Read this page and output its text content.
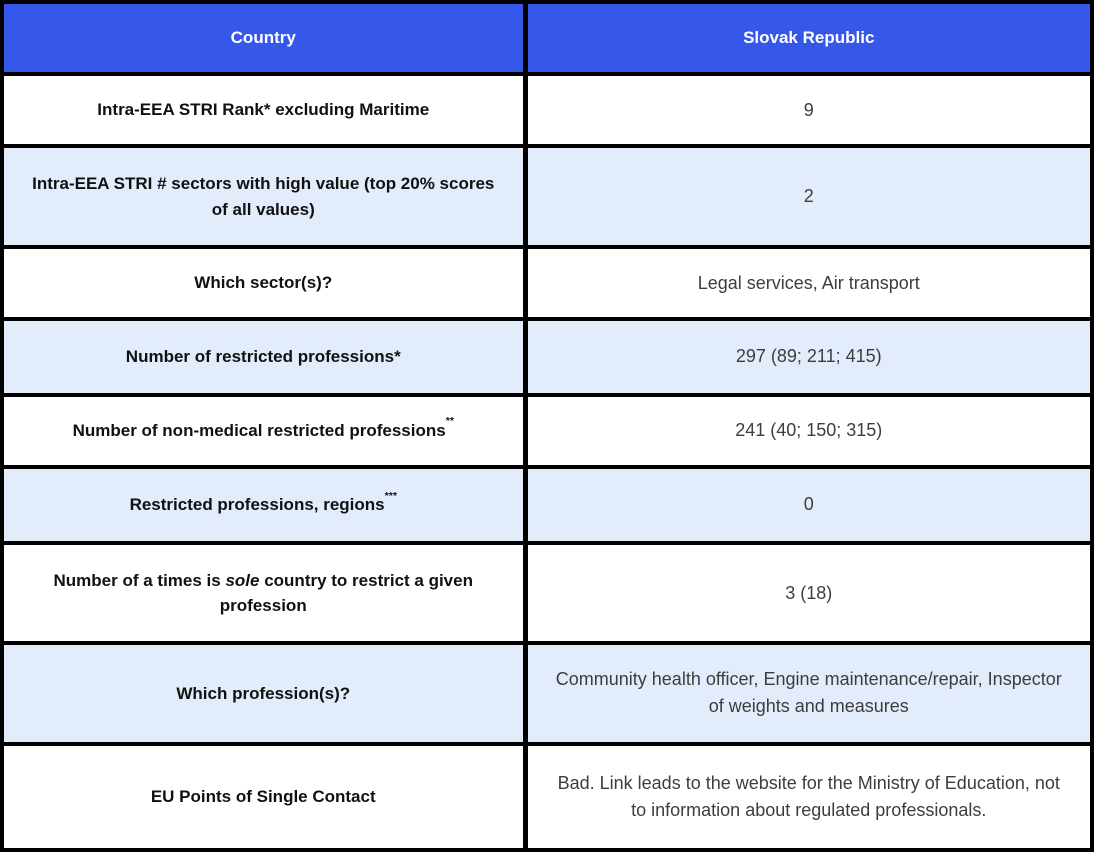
Country	Slovak Republic
Intra-EEA STRI Rank* excluding Maritime	9
Intra-EEA STRI # sectors with high value (top 20% scores of all values)	2
Which sector(s)?	Legal services, Air transport
Number of restricted professions*	297 (89; 211; 415)
Number of non-medical restricted professions**	241 (40; 150; 315)
Restricted professions, regions***	0
Number of a times is sole country to restrict a given profession	3 (18)
Which profession(s)?	Community health officer, Engine maintenance/repair, Inspector of weights and measures
EU Points of Single Contact	Bad. Link leads to the website for the Ministry of Education, not to information about regulated professionals.
